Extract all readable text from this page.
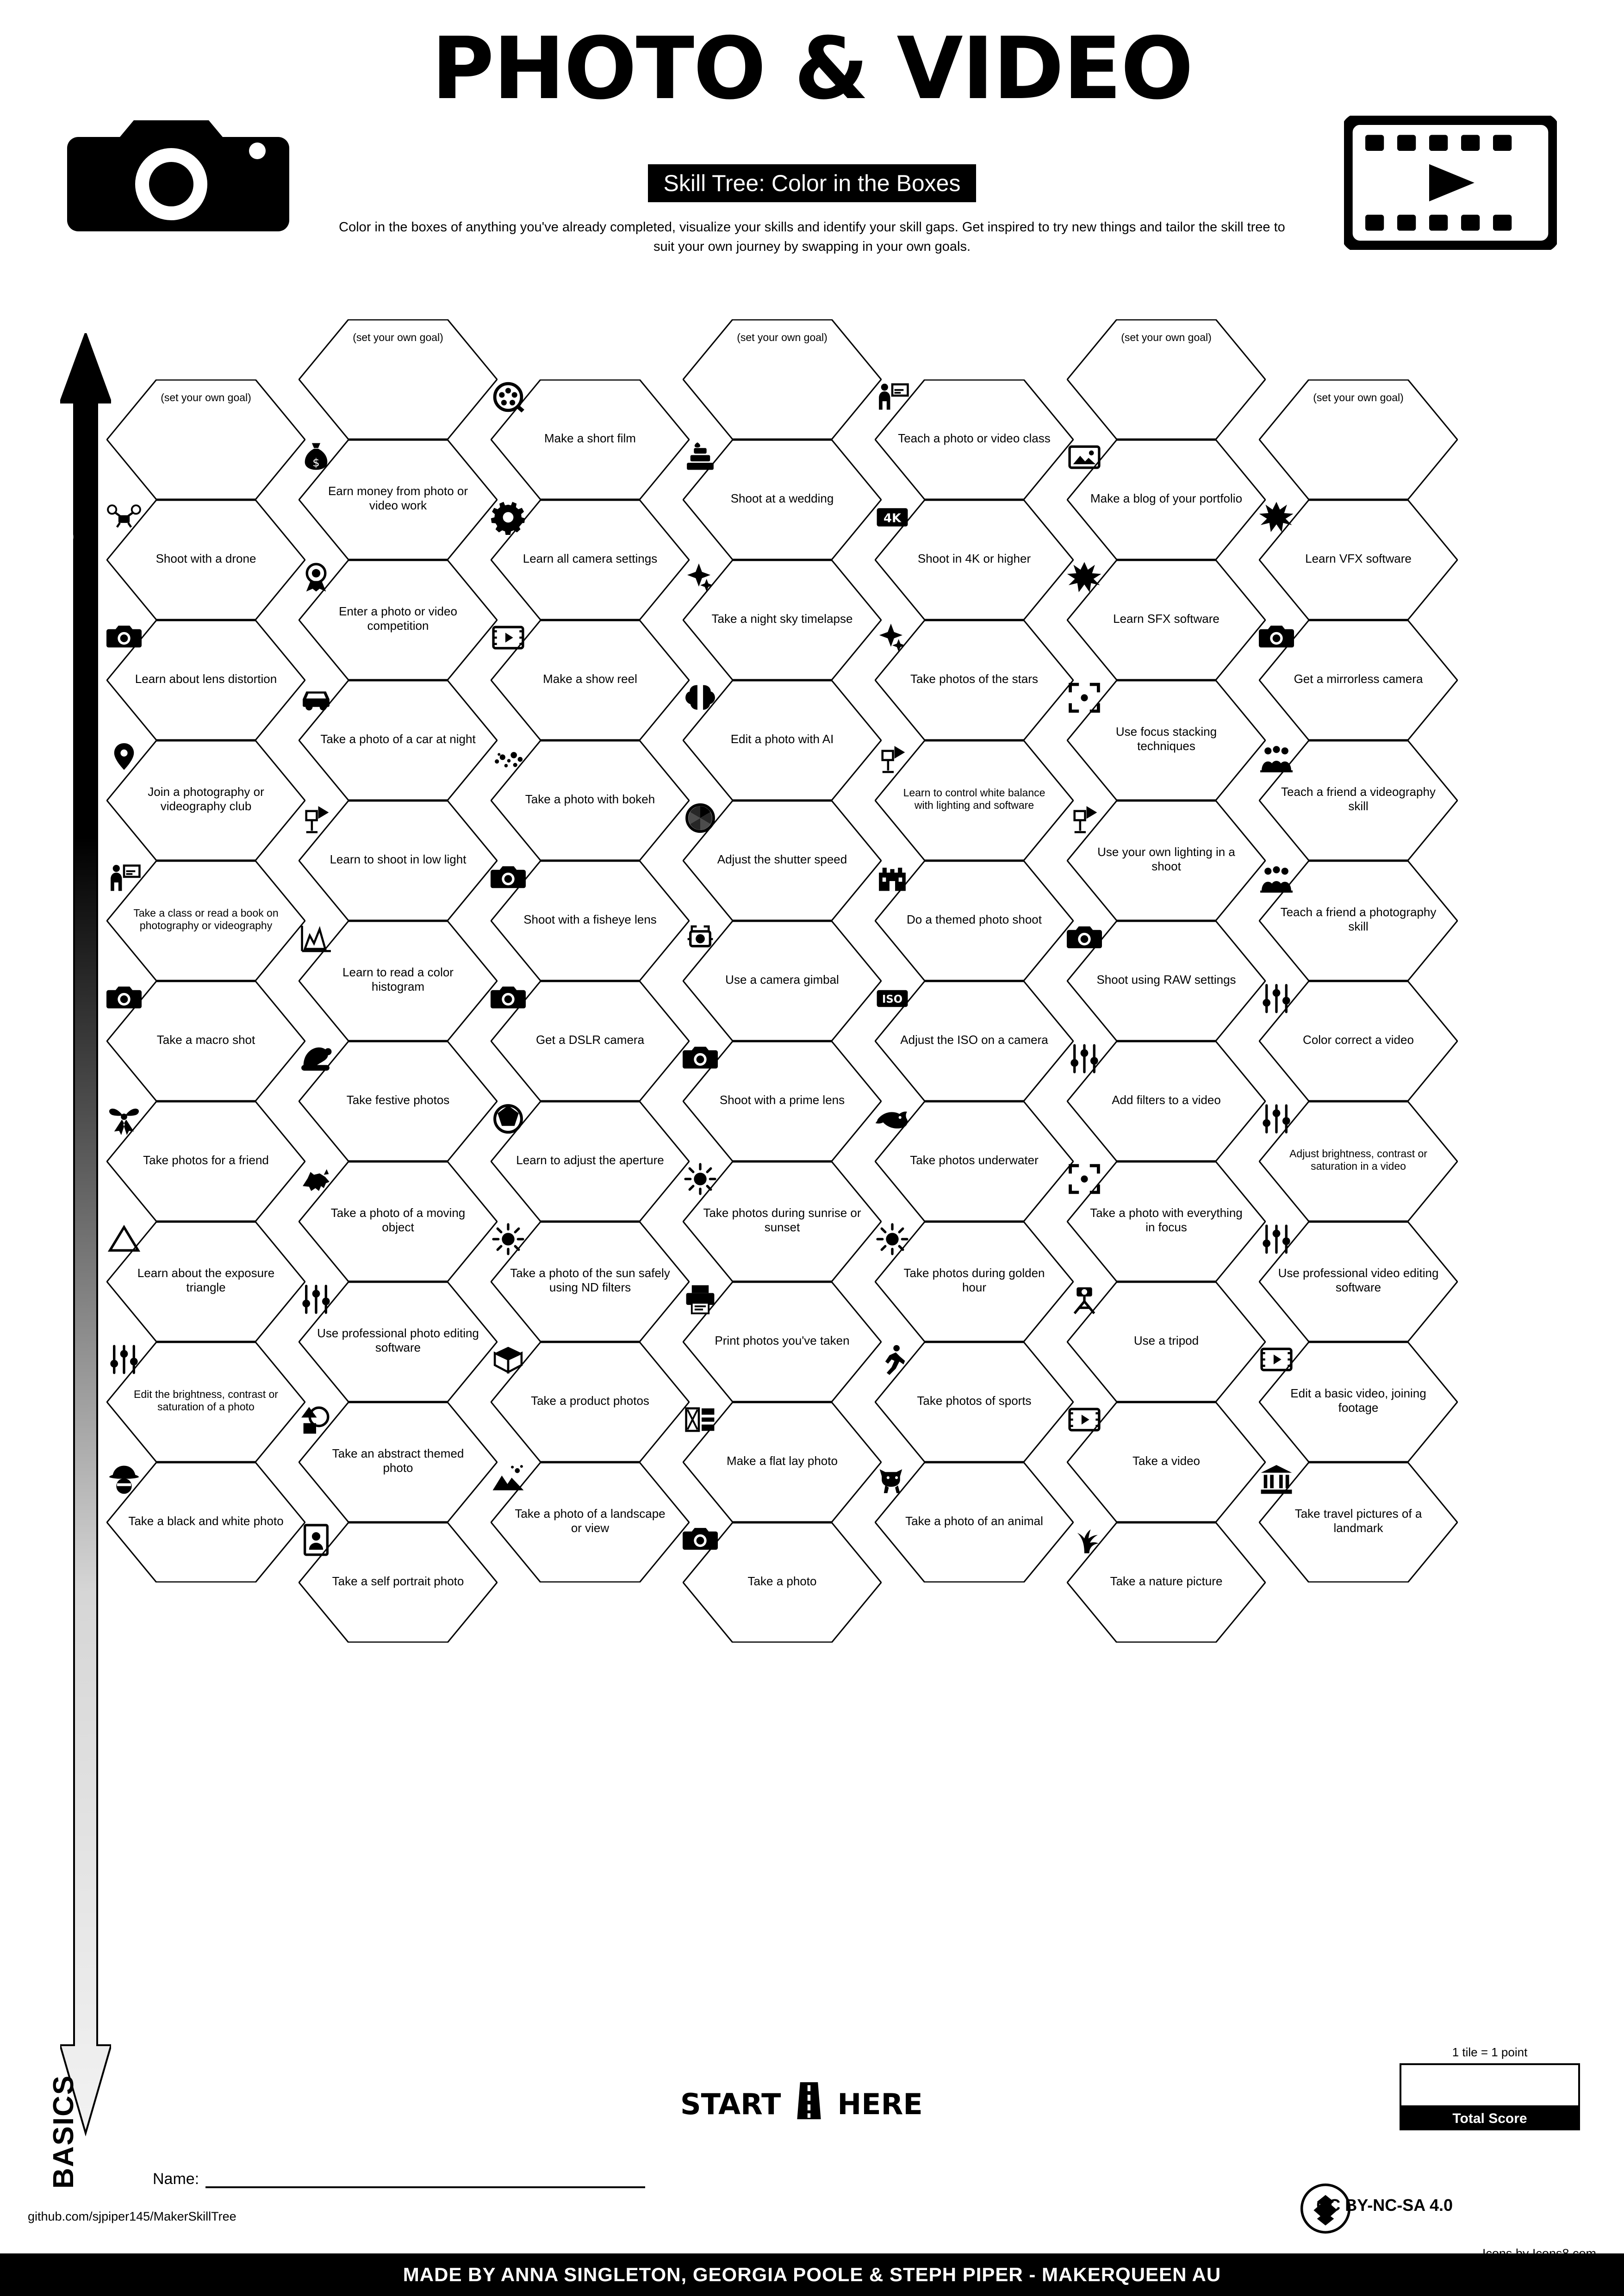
PHOTO & VIDEO
Skill Tree: Color in the Boxes
Color in the boxes of anything you've already completed, visualize your skills and identify your skill gaps. Get inspired to try new things and tailor the skill tree to suit your own journey by swapping in your own goals.
ADVANCED
BASICS
(set your own goal)
Shoot with a drone
Learn about lens distortion
Join a photography or videography club
Take a class or read a book on photography or videography
Take a macro shot
Take photos for a friend
Learn about the exposure triangle
Edit the brightness, contrast or saturation of a photo
Take a black and white photo
(set your own goal)
Earn money from photo or video work
$
Enter a photo or video competition
Take a photo of a car at night
Learn to shoot in low light
Learn to read a color histogram
Take festive photos
Take a photo of a moving object
Use professional photo editing software
Take an abstract themed photo
Take a self portrait photo
Make a short film
Learn all camera settings
Make a show reel
Take a photo with bokeh
Shoot with a fisheye lens
Get a DSLR camera
Learn to adjust the aperture
Take a photo of the sun safely using ND filters
Take a product photos
Take a photo of a landscape or view
(set your own goal)
Shoot at a wedding
Take a night sky timelapse
Edit a photo with AI
Adjust the shutter speed
Use a camera gimbal
Shoot with a prime lens
Take photos during sunrise or sunset
Print photos you've taken
Make a flat lay photo
Take a photo
Teach a photo or video class
Shoot in 4K or higher
4K
Take photos of the stars
Learn to control white balance with lighting and software
Do a themed photo shoot
Adjust the ISO on a camera
ISO
Take photos underwater
Take photos during golden hour
Take photos of sports
Take a photo of an animal
(set your own goal)
Make a blog of your portfolio
Learn SFX software
Use focus stacking techniques
Use your own lighting in a shoot
Shoot using RAW settings
Add filters to a video
Take a photo with everything in focus
Use a tripod
Take a video
Take a nature picture
(set your own goal)
Learn VFX software
Get a mirrorless camera
Teach a friend a videography skill
Teach a friend a photography skill
Color correct a video
Adjust brightness, contrast or saturation in a video
Use professional video editing software
Edit a basic video, joining footage
Take travel pictures of a landmark
START HERE
1 tile = 1 point
Total Score
Name:
github.com/sjpiper145/MakerSkillTree
CC BY-NC-SA 4.0
MADE BY ANNA SINGLETON, GEORGIA POOLE & STEPH PIPER - MAKERQUEEN AU
